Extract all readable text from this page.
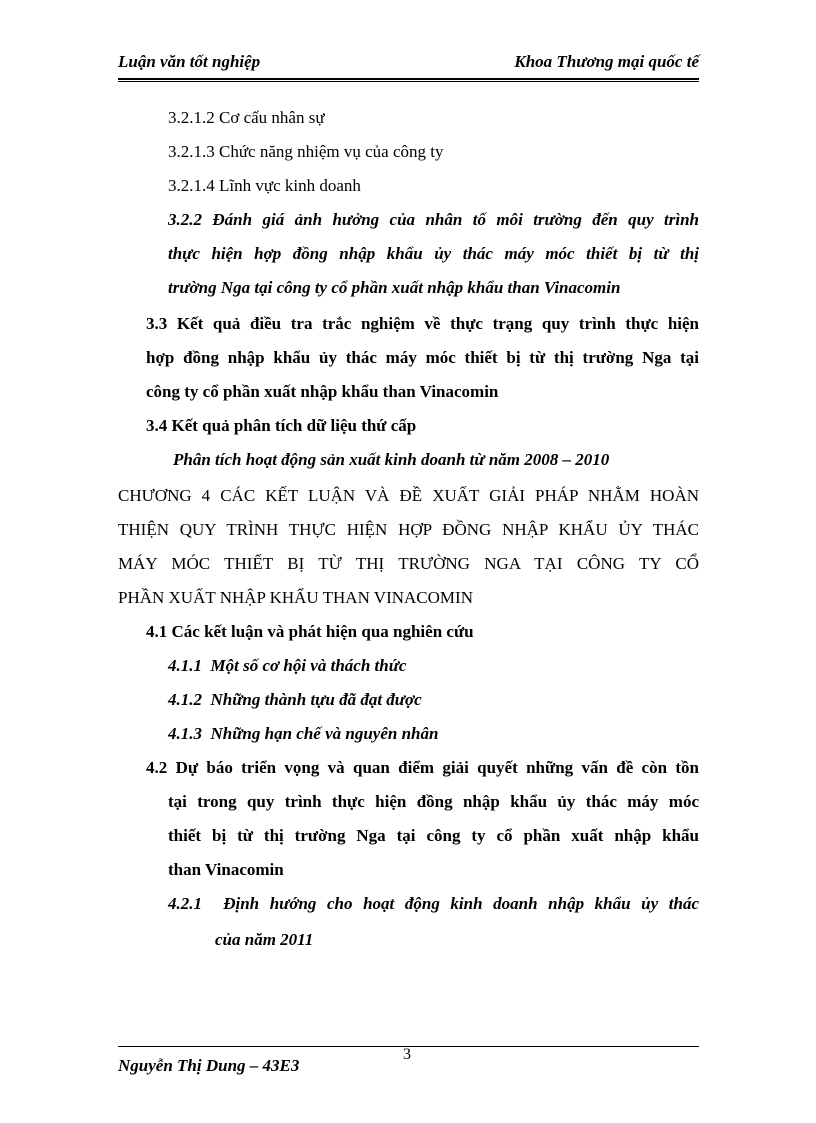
Luận văn tốt nghiệp	Khoa Thương mại quốc tế
3.2.1.2 Cơ cấu nhân sự
3.2.1.3 Chức năng nhiệm vụ của công ty
3.2.1.4 Lĩnh vực kinh doanh
3.2.2 Đánh giá ảnh hưởng của nhân tố môi trường đến quy trình
thực hiện hợp đồng nhập khẩu ủy thác máy móc thiết bị từ thị
trường Nga tại công ty cổ phần xuất nhập khẩu than Vinacomin
3.3 Kết quả điều tra trắc nghiệm về thực trạng quy trình thực hiện
hợp đồng nhập khẩu ủy thác máy móc thiết bị từ thị trường Nga tại
công ty cổ phần xuất nhập khẩu than Vinacomin
3.4 Kết quả phân tích dữ liệu thứ cấp
Phân tích hoạt động sản xuất kinh doanh từ năm 2008 – 2010
CHƯƠNG 4 CÁC KẾT LUẬN VÀ ĐỀ XUẤT GIẢI PHÁP NHẰM HOÀN
THIỆN QUY TRÌNH THỰC HIỆN HỢP ĐỒNG NHẬP KHẨU ỦY THÁC
MÁY MÓC THIẾT BỊ TỪ THỊ TRƯỜNG NGA TẠI CÔNG TY CỔ
PHẦN XUẤT NHẬP KHẨU THAN VINACOMIN
4.1 Các kết luận và phát hiện qua nghiên cứu
4.1.1  Một số cơ hội và thách thức
4.1.2  Những thành tựu đã đạt được
4.1.3  Những hạn chế và nguyên nhân
4.2 Dự báo triển vọng và quan điểm giải quyết những vấn đề còn tồn
tại trong quy trình thực hiện đồng nhập khẩu ủy thác máy móc
thiết bị từ thị trường Nga tại công ty cổ phần xuất nhập khẩu
than Vinacomin
4.2.1  Định hướng cho hoạt động kinh doanh nhập khẩu ủy thác
của năm 2011
Nguyễn Thị Dung – 43E3
3
